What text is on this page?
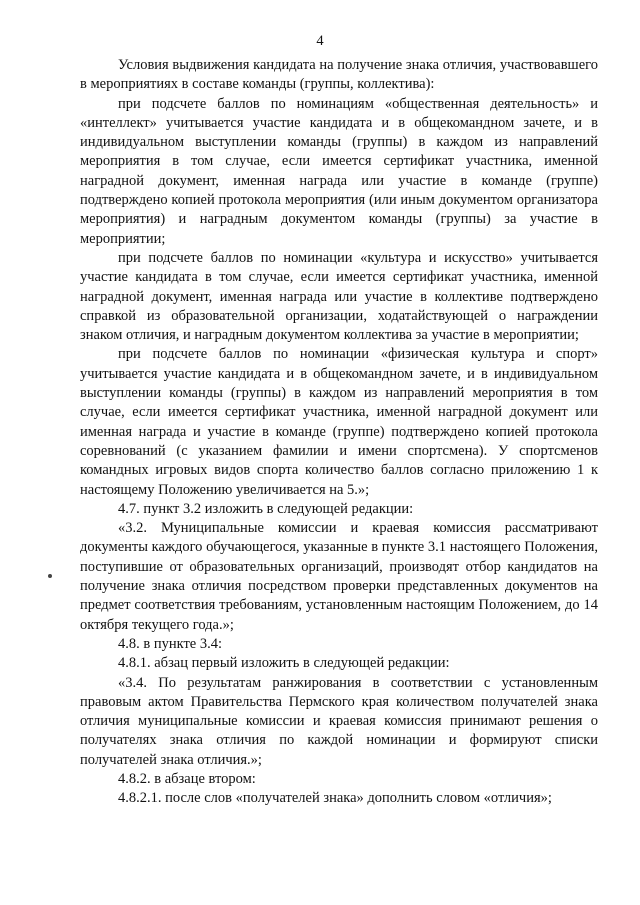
4

Условия выдвижения кандидата на получение знака отличия, участвовавшего в мероприятиях в составе команды (группы, коллектива):

при подсчете баллов по номинациям «общественная деятельность» и «интеллект» учитывается участие кандидата и в общекомандном зачете, и в индивидуальном выступлении команды (группы) в каждом из направлений мероприятия в том случае, если имеется сертификат участника, именной наградной документ, именная награда или участие в команде (группе) подтверждено копией протокола мероприятия (или иным документом организатора мероприятия) и наградным документом команды (группы) за участие в мероприятии;

при подсчете баллов по номинации «культура и искусство» учитывается участие кандидата в том случае, если имеется сертификат участника, именной наградной документ, именная награда или участие в коллективе подтверждено справкой из образовательной организации, ходатайствующей о награждении знаком отличия, и наградным документом коллектива за участие в мероприятии;

при подсчете баллов по номинации «физическая культура и спорт» учитывается участие кандидата и в общекомандном зачете, и в индивидуальном выступлении команды (группы) в каждом из направлений мероприятия в том случае, если имеется сертификат участника, именной наградной документ или именная награда и участие в команде (группе) подтверждено копией протокола соревнований (с указанием фамилии и имени спортсмена). У спортсменов командных игровых видов спорта количество баллов согласно приложению 1 к настоящему Положению увеличивается на 5.»;

4.7. пункт 3.2 изложить в следующей редакции:

«3.2. Муниципальные комиссии и краевая комиссия рассматривают документы каждого обучающегося, указанные в пункте 3.1 настоящего Положения, поступившие от образовательных организаций, производят отбор кандидатов на получение знака отличия посредством проверки представленных документов на предмет соответствия требованиям, установленным настоящим Положением, до 14 октября текущего года.»;

4.8. в пункте 3.4:

4.8.1. абзац первый изложить в следующей редакции:

«3.4. По результатам ранжирования в соответствии с установленным правовым актом Правительства Пермского края количеством получателей знака отличия муниципальные комиссии и краевая комиссия принимают решения о получателях знака отличия по каждой номинации и формируют списки получателей знака отличия.»;

4.8.2. в абзаце втором:

4.8.2.1. после слов «получателей знака» дополнить словом «отличия»;
